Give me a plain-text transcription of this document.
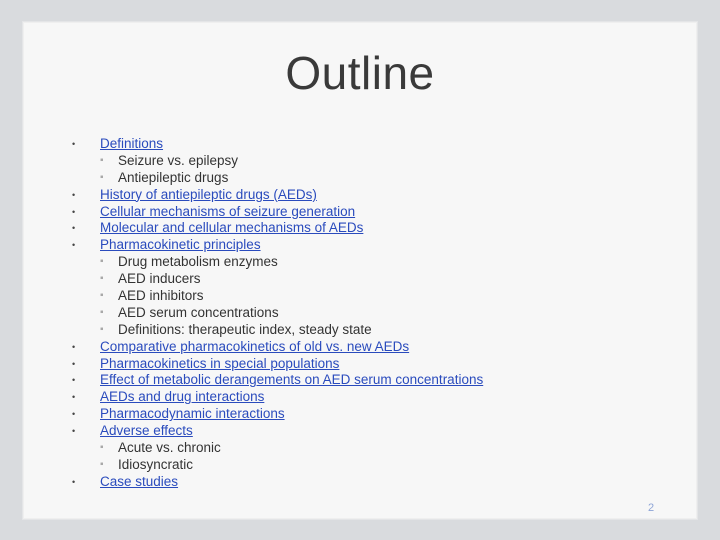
Outline
• Definitions
▪ Seizure vs. epilepsy
▪ Antiepileptic drugs
• History of antiepileptic drugs (AEDs)
• Cellular mechanisms of seizure generation
• Molecular and cellular mechanisms of AEDs
• Pharmacokinetic principles
▪ Drug metabolism enzymes
▪ AED inducers
▪ AED inhibitors
▪ AED serum concentrations
▪ Definitions: therapeutic index, steady state
• Comparative pharmacokinetics of old vs. new AEDs
• Pharmacokinetics in special populations
• Effect of metabolic derangements on AED serum concentrations
• AEDs and drug interactions
• Pharmacodynamic interactions
• Adverse effects
▪ Acute vs. chronic
▪ Idiosyncratic
• Case studies
2
